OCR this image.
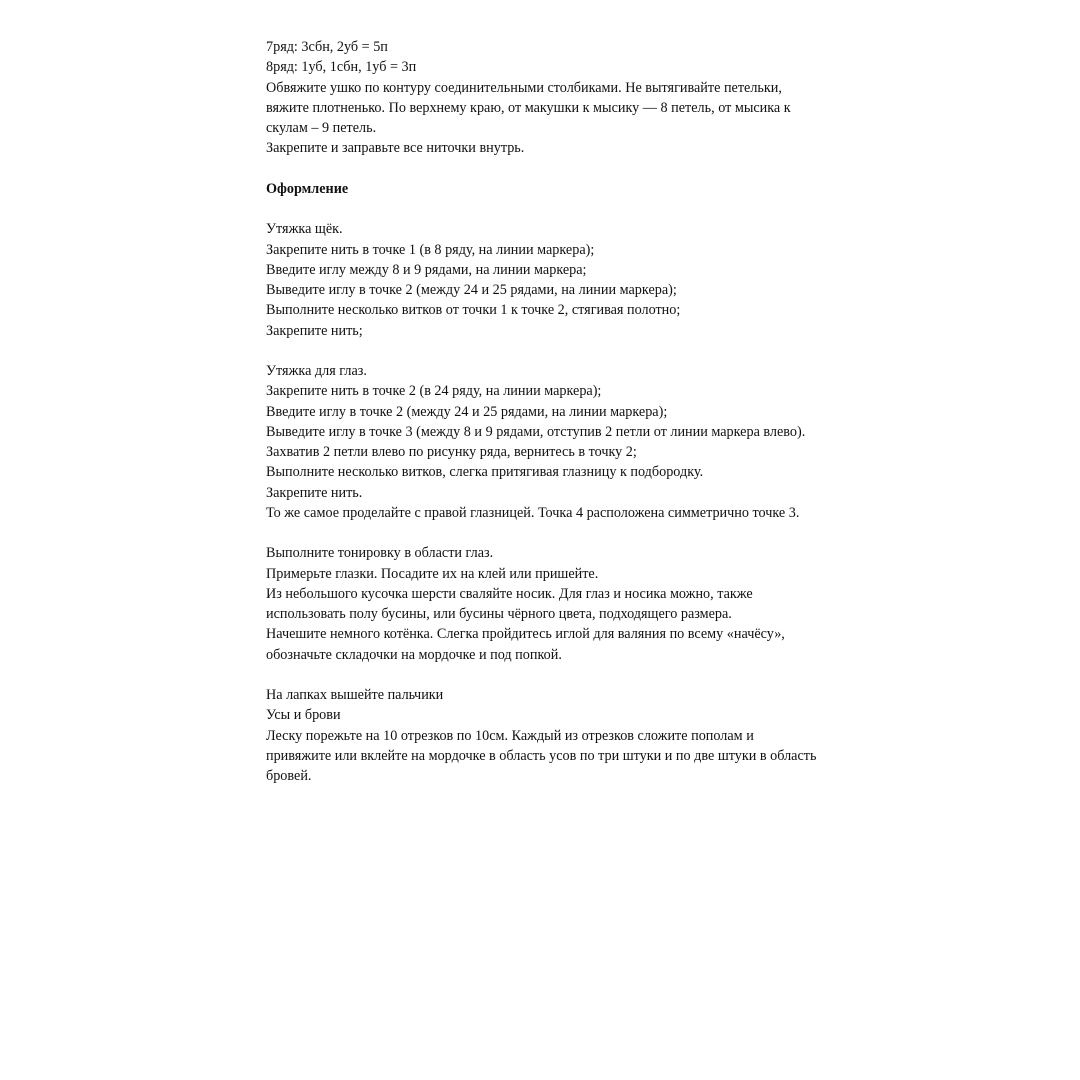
7ряд: 3сбн, 2уб = 5п
8ряд: 1уб, 1сбн, 1уб = 3п
Обвяжите ушко по контуру соединительными столбиками. Не вытягивайте петельки,
вяжите плотненько. По верхнему краю, от макушки к мысику — 8 петель, от мысика к
скулам – 9 петель.
Закрепите и заправьте все ниточки внутрь.
Оформление
Утяжка щёк.
Закрепите нить в точке 1 (в 8 ряду, на линии маркера);
Введите иглу между 8 и 9 рядами, на линии маркера;
Выведите иглу в точке 2 (между 24 и 25 рядами, на линии маркера);
Выполните несколько витков от точки 1 к точке 2, стягивая полотно;
Закрепите нить;
Утяжка для глаз.
Закрепите нить в точке 2 (в 24 ряду, на линии маркера);
Введите иглу в точке 2 (между 24 и 25 рядами, на линии маркера);
Выведите иглу в точке 3 (между 8 и 9 рядами, отступив 2 петли от линии маркера влево).
Захватив 2 петли влево по рисунку ряда, вернитесь в точку 2;
Выполните несколько витков, слегка притягивая глазницу к подбородку.
Закрепите нить.
То же самое проделайте с правой глазницей. Точка 4 расположена симметрично точке 3.
Выполните тонировку в области глаз.
Примерьте глазки. Посадите их на клей или пришейте.
Из небольшого кусочка шерсти сваляйте носик. Для глаз и носика можно, также
использовать полу бусины, или бусины чёрного цвета, подходящего размера.
Начешите немного котёнка. Слегка пройдитесь иглой для валяния по всему «начёсу»,
обозначьте складочки на мордочке и под попкой.
На лапках вышейте пальчики
Усы и брови
Леску порежьте на 10 отрезков по 10см. Каждый из отрезков сложите пополам и
привяжите или вклейте на мордочке в область усов по три штуки и по две штуки в область
бровей.
